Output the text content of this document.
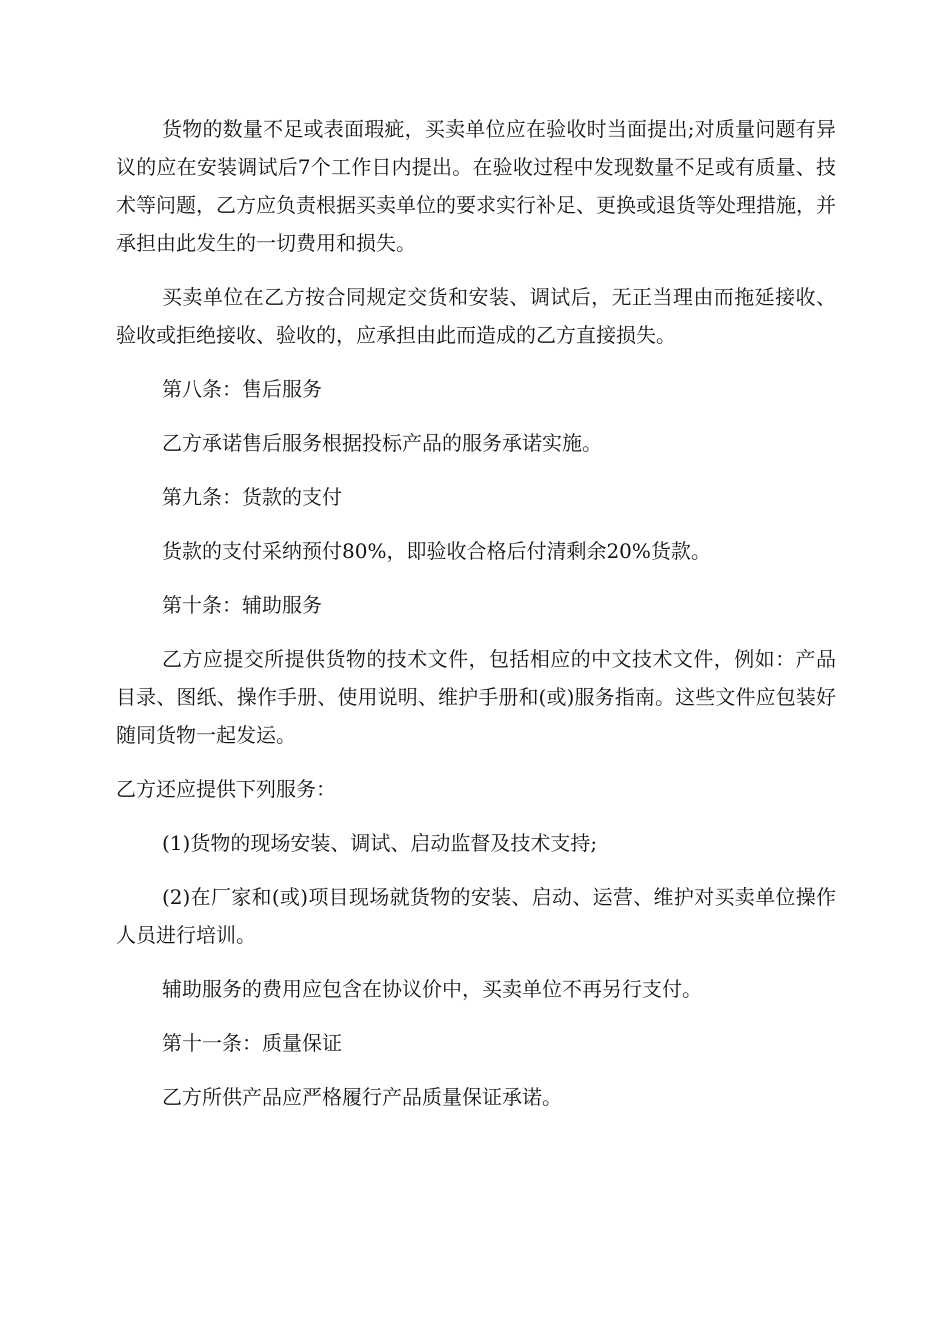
货物的数量不足或表面瑕疵，买卖单位应在验收时当面提出;对质量问题有异议的应在安装调试后7个工作日内提出。在验收过程中发现数量不足或有质量、技术等问题，乙方应负责根据买卖单位的要求实行补足、更换或退货等处理措施，并承担由此发生的一切费用和损失。

买卖单位在乙方按合同规定交货和安装、调试后，无正当理由而拖延接收、验收或拒绝接收、验收的，应承担由此而造成的乙方直接损失。

第八条：售后服务

乙方承诺售后服务根据投标产品的服务承诺实施。

第九条：货款的支付

货款的支付采纳预付80%，即验收合格后付清剩余20%货款。

第十条：辅助服务

乙方应提交所提供货物的技术文件，包括相应的中文技术文件，例如：产品目录、图纸、操作手册、使用说明、维护手册和(或)服务指南。这些文件应包装好随同货物一起发运。

乙方还应提供下列服务：

(1)货物的现场安装、调试、启动监督及技术支持;

(2)在厂家和(或)项目现场就货物的安装、启动、运营、维护对买卖单位操作人员进行培训。

辅助服务的费用应包含在协议价中，买卖单位不再另行支付。

第十一条：质量保证

乙方所供产品应严格履行产品质量保证承诺。
